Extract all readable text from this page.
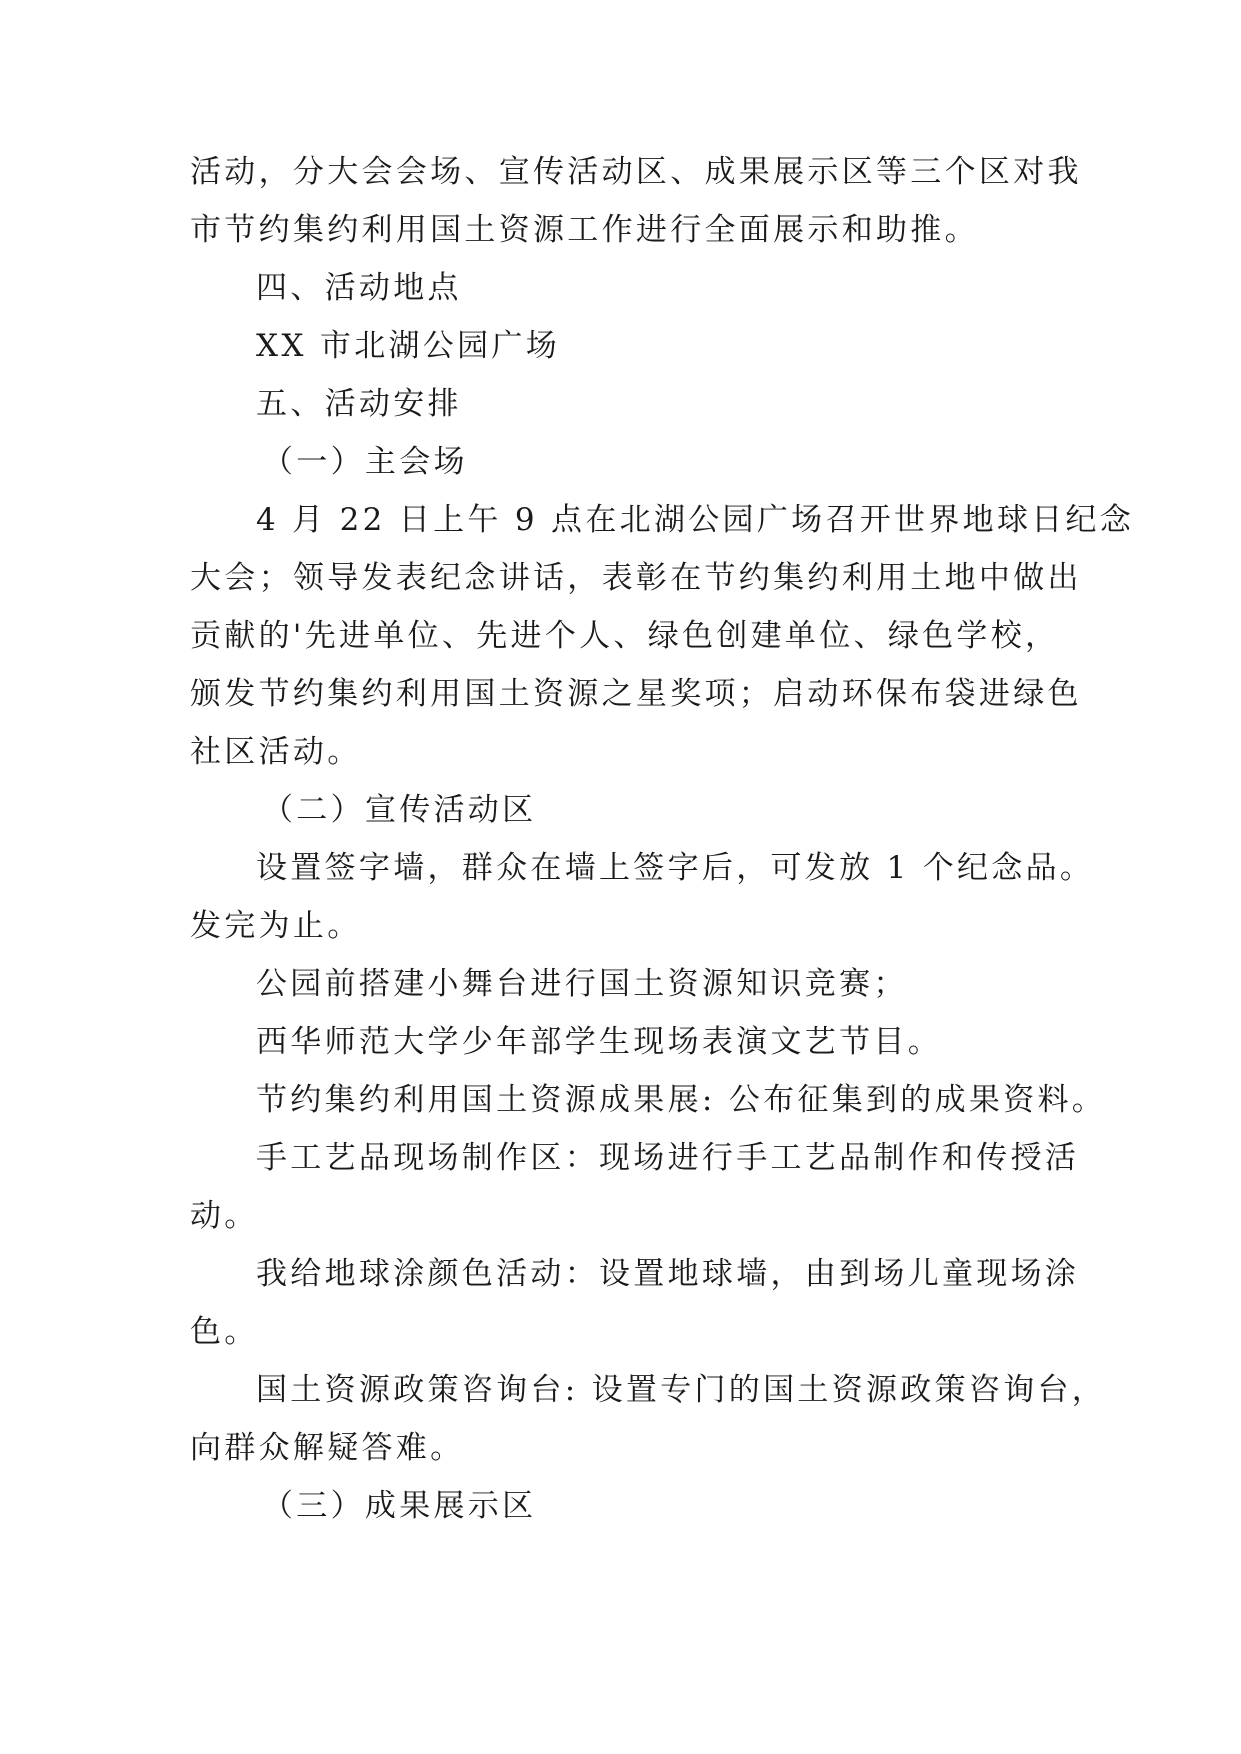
活动，分大会会场、宣传活动区、成果展示区等三个区对我
市节约集约利用国土资源工作进行全面展示和助推。
四、活动地点
XX 市北湖公园广场
五、活动安排
（一）主会场
4 月 22 日上午 9 点在北湖公园广场召开世界地球日纪念
大会；领导发表纪念讲话，表彰在节约集约利用土地中做出
贡献的'先进单位、先进个人、绿色创建单位、绿色学校，
颁发节约集约利用国土资源之星奖项；启动环保布袋进绿色
社区活动。
（二）宣传活动区
设置签字墙，群众在墙上签字后，可发放 1 个纪念品。
发完为止。
公园前搭建小舞台进行国土资源知识竞赛；
西华师范大学少年部学生现场表演文艺节目。
节约集约利用国土资源成果展: 公布征集到的成果资料。
手工艺品现场制作区：现场进行手工艺品制作和传授活
动。
我给地球涂颜色活动：设置地球墙，由到场儿童现场涂
色。
国土资源政策咨询台: 设置专门的国土资源政策咨询台，
向群众解疑答难。
（三）成果展示区
